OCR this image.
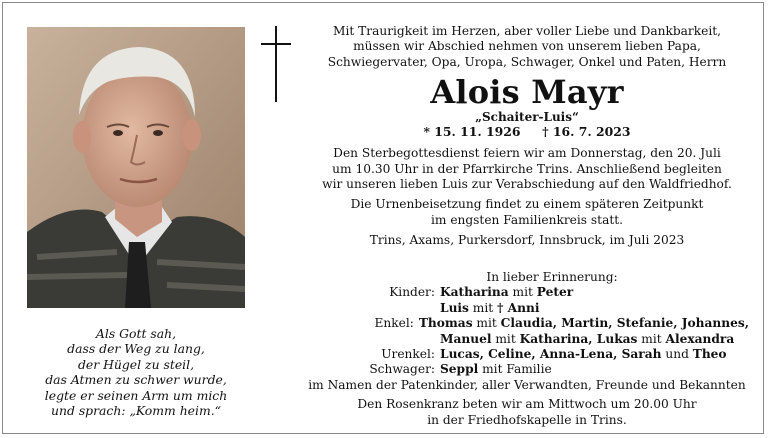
Als Gott sah,
dass der Weg zu lang,
der Hügel zu steil,
das Atmen zu schwer wurde,
legte er seinen Arm um mich
und sprach: „Komm heim.“
Mit Traurigkeit im Herzen, aber voller Liebe und Dankbarkeit,
müssen wir Abschied nehmen von unserem lieben Papa,
Schwiegervater, Opa, Uropa, Schwager, Onkel und Paten, Herrn
Alois Mayr
„Schaiter-Luis“
* 15. 11. 1926 † 16. 7. 2023
Den Sterbegottesdienst feiern wir am Donnerstag, den 20. Juli
um 10.30 Uhr in der Pfarrkirche Trins. Anschließend begleiten
wir unseren lieben Luis zur Verabschiedung auf den Waldfriedhof.
Die Urnenbeisetzung findet zu einem späteren Zeitpunkt
im engsten Familienkreis statt.
Trins, Axams, Purkersdorf, Innsbruck, im Juli 2023
In lieber Erinnerung:
Kinder: Katharina mit Peter
Luis mit † Anni
Enkel: Thomas mit Claudia, Martin, Stefanie, Johannes,
Manuel mit Katharina, Lukas mit Alexandra
Urenkel: Lucas, Celine, Anna-Lena, Sarah und Theo
Schwager: Seppl mit Familie
im Namen der Patenkinder, aller Verwandten, Freunde und Bekannten
Den Rosenkranz beten wir am Mittwoch um 20.00 Uhr
in der Friedhofskapelle in Trins.
